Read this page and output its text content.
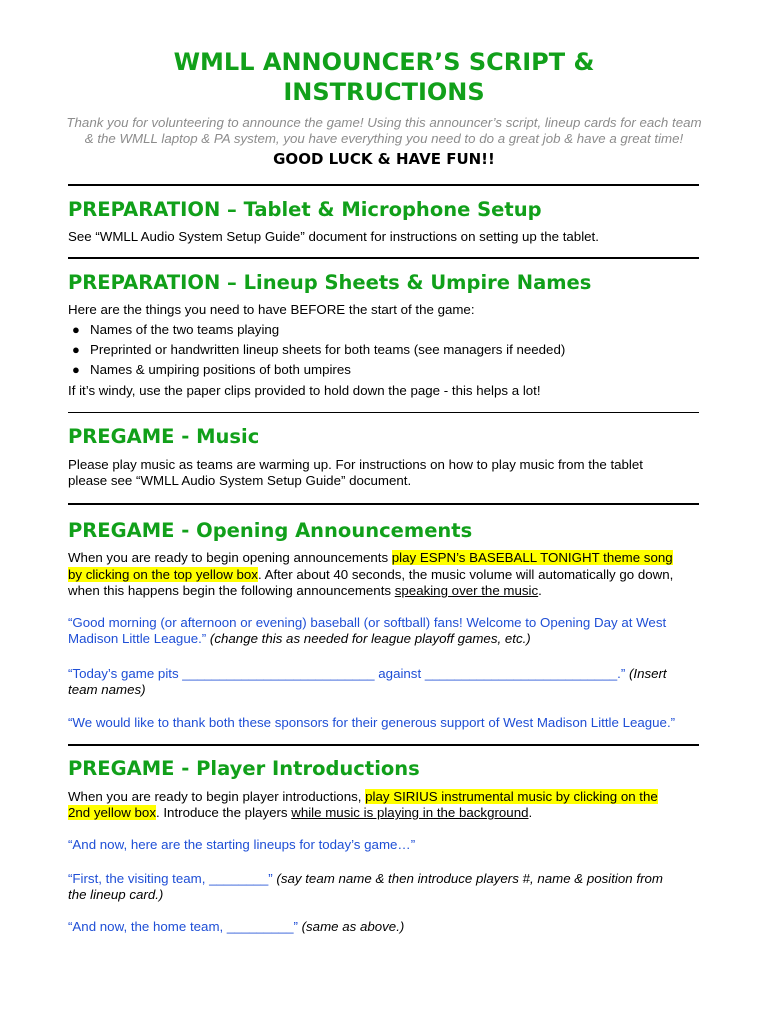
WMLL ANNOUNCER’S SCRIPT &
INSTRUCTIONS
Thank you for volunteering to announce the game! Using this announcer’s script, lineup cards for each team
& the WMLL laptop & PA system, you have everything you need to do a great job & have a great time!
GOOD LUCK & HAVE FUN!!
PREPARATION – Tablet & Microphone Setup

See “WMLL Audio System Setup Guide” document for instructions on setting up the tablet.

PREPARATION – Lineup Sheets & Umpire Names

Here are the things you need to have BEFORE the start of the game:

● Names of the two teams playing
● Preprinted or handwritten lineup sheets for both teams (see managers if needed)
● Names & umpiring positions of both umpires

If it’s windy, use the paper clips provided to hold down the page - this helps a lot!

PREGAME - Music

Please play music as teams are warming up. For instructions on how to play music from the tablet

please see “WMLL Audio System Setup Guide” document.

PREGAME - Opening Announcements

When you are ready to begin opening announcements play ESPN’s BASEBALL TONIGHT theme song

by clicking on the top yellow box. After about 40 seconds, the music volume will automatically go down,

when this happens begin the following announcements speaking over the music.

“Good morning (or afternoon or evening) baseball (or softball) fans! Welcome to Opening Day at West

Madison Little League.” (change this as needed for league playoff games, etc.)

“Today’s game pits __________________________ against __________________________.” (Insert

team names)

“We would like to thank both these sponsors for their generous support of West Madison Little League.”

PREGAME - Player Introductions

When you are ready to begin player introductions, play SIRIUS instrumental music by clicking on the

2nd yellow box. Introduce the players while music is playing in the background.

“And now, here are the starting lineups for today’s game…”

“First, the visiting team, ________” (say team name & then introduce players #, name & position from

the lineup card.)

“And now, the home team, _________” (same as above.)
